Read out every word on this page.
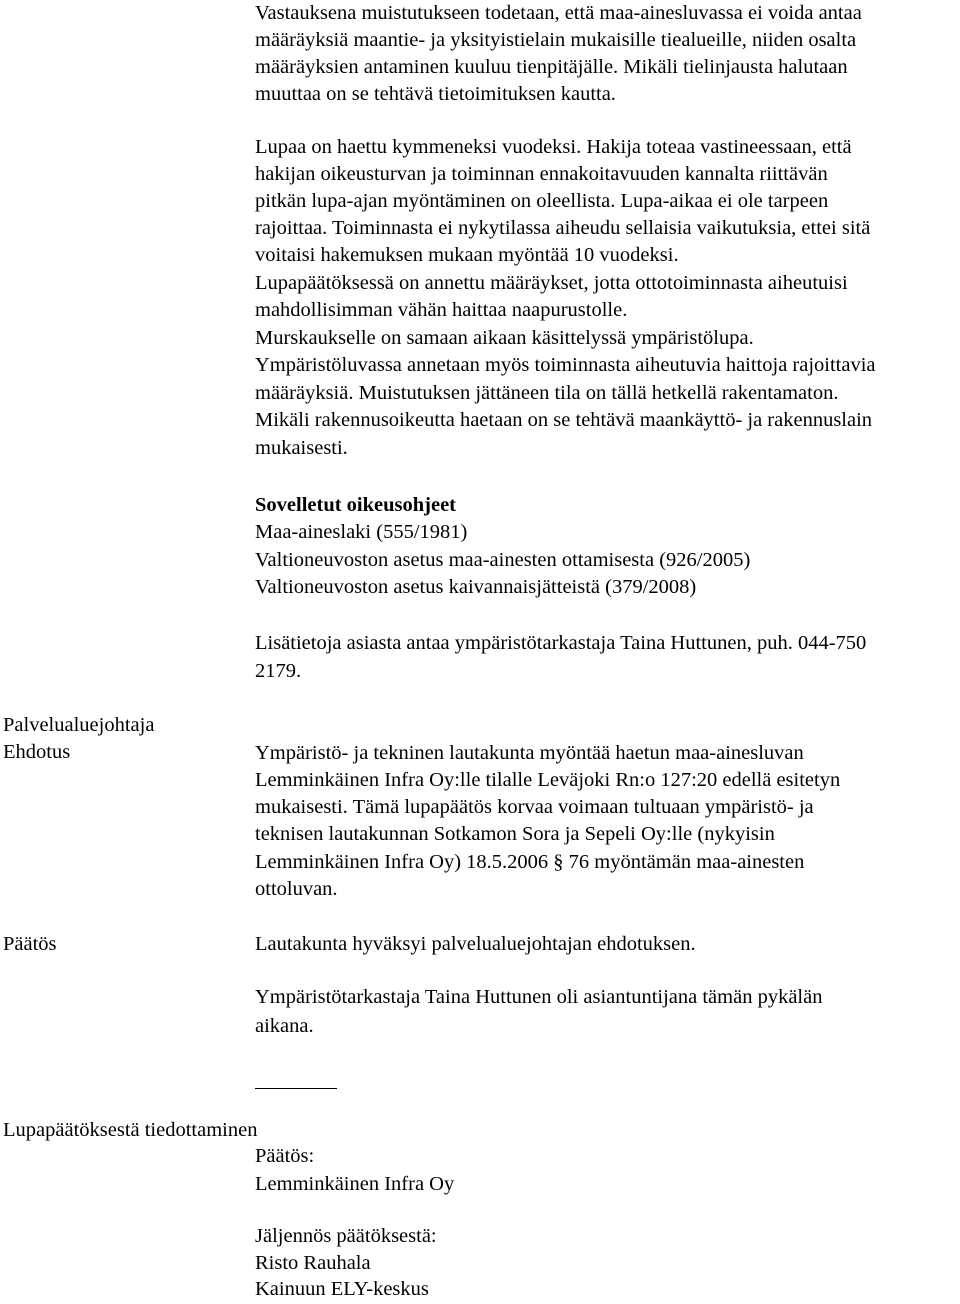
Vastauksena muistutukseen todetaan, että maa-ainesluvassa ei voida antaa

määräyksiä maantie- ja yksityistielain mukaisille tiealueille, niiden osalta

määräyksien antaminen kuuluu tienpitäjälle. Mikäli tielinjausta halutaan

muuttaa on se tehtävä tietoimituksen kautta.

Lupaa on haettu kymmeneksi vuodeksi. Hakija toteaa vastineessaan, että

hakijan oikeusturvan ja toiminnan ennakoitavuuden kannalta riittävän

pitkän lupa-ajan myöntäminen on oleellista. Lupa-aikaa ei ole tarpeen

rajoittaa. Toiminnasta ei nykytilassa aiheudu sellaisia vaikutuksia, ettei sitä

voitaisi hakemuksen mukaan myöntää 10 vuodeksi.

Lupapäätöksessä on annettu määräykset, jotta ottotoiminnasta aiheutuisi

mahdollisimman vähän haittaa naapurustolle.

Murskaukselle on samaan aikaan käsittelyssä ympäristölupa.

Ympäristöluvassa annetaan myös toiminnasta aiheutuvia haittoja rajoittavia

määräyksiä. Muistutuksen jättäneen tila on tällä hetkellä rakentamaton.

Mikäli rakennusoikeutta haetaan on se tehtävä maankäyttö- ja rakennuslain

mukaisesti.

Sovelletut oikeusohjeet

Maa-aineslaki (555/1981)

Valtioneuvoston asetus maa-ainesten ottamisesta (926/2005)

Valtioneuvoston asetus kaivannaisjätteistä (379/2008)

Lisätietoja asiasta antaa ympäristötarkastaja Taina Huttunen, puh. 044-750

2179.

Palvelualuejohtaja

Ehdotus	Ympäristö- ja tekninen lautakunta myöntää haetun maa-ainesluvan

Lemminkäinen Infra Oy:lle tilalle Leväjoki Rn:o 127:20 edellä esitetyn

mukaisesti. Tämä lupapäätös korvaa voimaan tultuaan ympäristö- ja

teknisen lautakunnan Sotkamon Sora ja Sepeli Oy:lle (nykyisin

Lemminkäinen Infra Oy) 18.5.2006 § 76 myöntämän maa-ainesten

ottoluvan.

Päätös	Lautakunta hyväksyi palvelualuejohtajan ehdotuksen.

Ympäristötarkastaja Taina Huttunen oli asiantuntijana tämän pykälän

aikana.

Lupapäätöksestä tiedottaminen

Päätös:

Lemminkäinen Infra Oy

Jäljennös päätöksestä:

Risto Rauhala

Kainuun ELY-keskus
